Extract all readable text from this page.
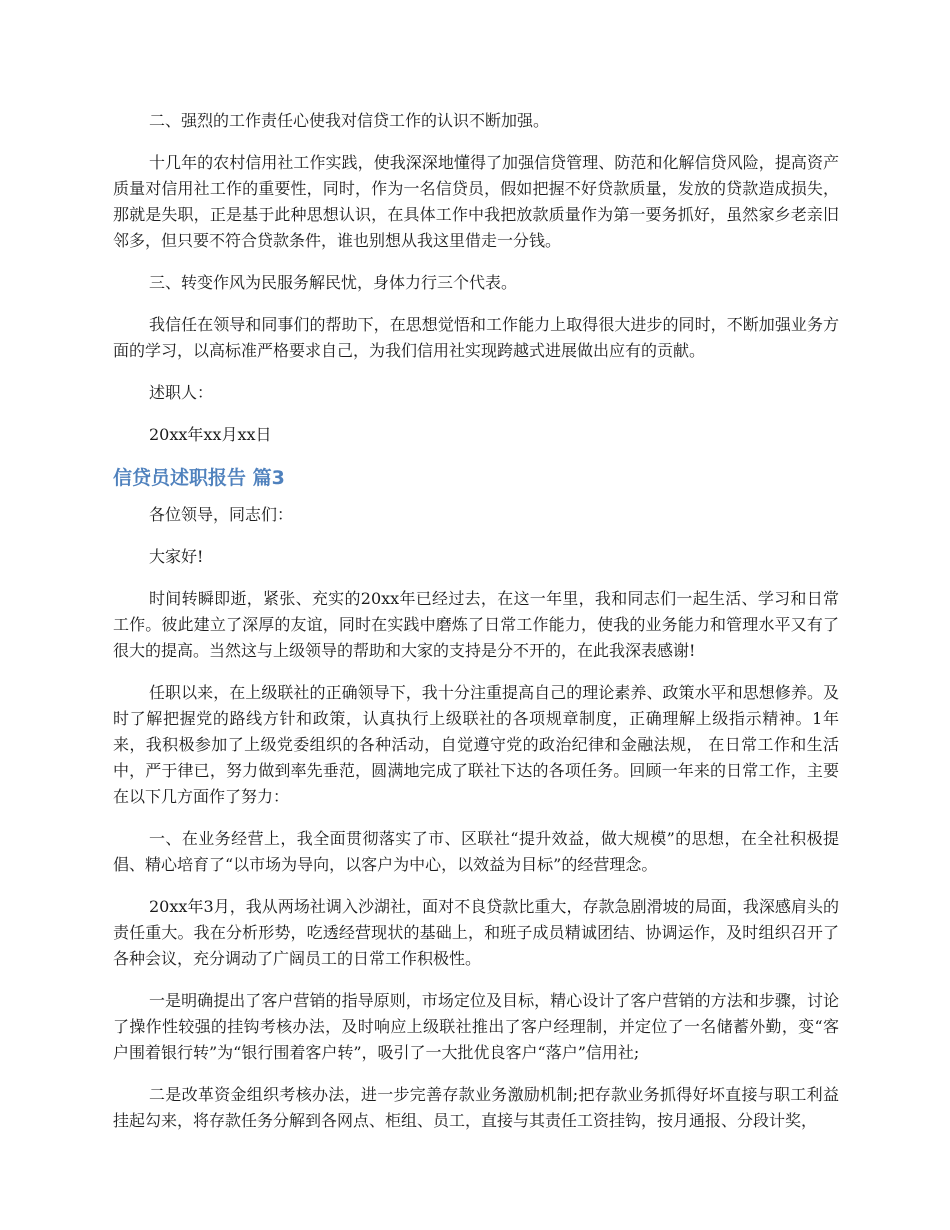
二、强烈的工作责任心使我对信贷工作的认识不断加强。

十几年的农村信用社工作实践，使我深深地懂得了加强信贷管理、防范和化解信贷风险，提高资产质量对信用社工作的重要性，同时，作为一名信贷员，假如把握不好贷款质量，发放的贷款造成损失，那就是失职，正是基于此种思想认识，在具体工作中我把放款质量作为第一要务抓好，虽然家乡老亲旧邻多，但只要不符合贷款条件，谁也别想从我这里借走一分钱。

三、转变作风为民服务解民忧，身体力行三个代表。

我信任在领导和同事们的帮助下，在思想觉悟和工作能力上取得很大进步的同时，不断加强业务方面的学习，以高标准严格要求自己，为我们信用社实现跨越式进展做出应有的贡献。

述职人：

20xx年xx月xx日

信贷员述职报告 篇3

各位领导，同志们：

大家好!

时间转瞬即逝，紧张、充实的20xx年已经过去，在这一年里，我和同志们一起生活、学习和日常工作。彼此建立了深厚的友谊，同时在实践中磨炼了日常工作能力，使我的业务能力和管理水平又有了很大的提高。当然这与上级领导的帮助和大家的支持是分不开的，在此我深表感谢!

任职以来，在上级联社的正确领导下，我十分注重提高自己的理论素养、政策水平和思想修养。及时了解把握党的路线方针和政策，认真执行上级联社的各项规章制度，正确理解上级指示精神。1年来，我积极参加了上级党委组织的各种活动，自觉遵守党的政治纪律和金融法规， 在日常工作和生活中，严于律已，努力做到率先垂范，圆满地完成了联社下达的各项任务。回顾一年来的日常工作，主要在以下几方面作了努力：

一、在业务经营上，我全面贯彻落实了市、区联社“提升效益，做大规模”的思想，在全社积极提倡、精心培育了“以市场为导向，以客户为中心，以效益为目标”的经营理念。

20xx年3月，我从两场社调入沙湖社，面对不良贷款比重大，存款急剧滑坡的局面，我深感肩头的责任重大。我在分析形势，吃透经营现状的基础上，和班子成员精诚团结、协调运作，及时组织召开了各种会议，充分调动了广阔员工的日常工作积极性。

一是明确提出了客户营销的指导原则，市场定位及目标，精心设计了客户营销的方法和步骤，讨论了操作性较强的挂钩考核办法，及时响应上级联社推出了客户经理制，并定位了一名储蓄外勤，变“客户围着银行转”为“银行围着客户转”，吸引了一大批优良客户“落户”信用社;

二是改革资金组织考核办法，进一步完善存款业务激励机制;把存款业务抓得好坏直接与职工利益挂起勾来，将存款任务分解到各网点、柜组、员工，直接与其责任工资挂钩，按月通报、分段计奖，
